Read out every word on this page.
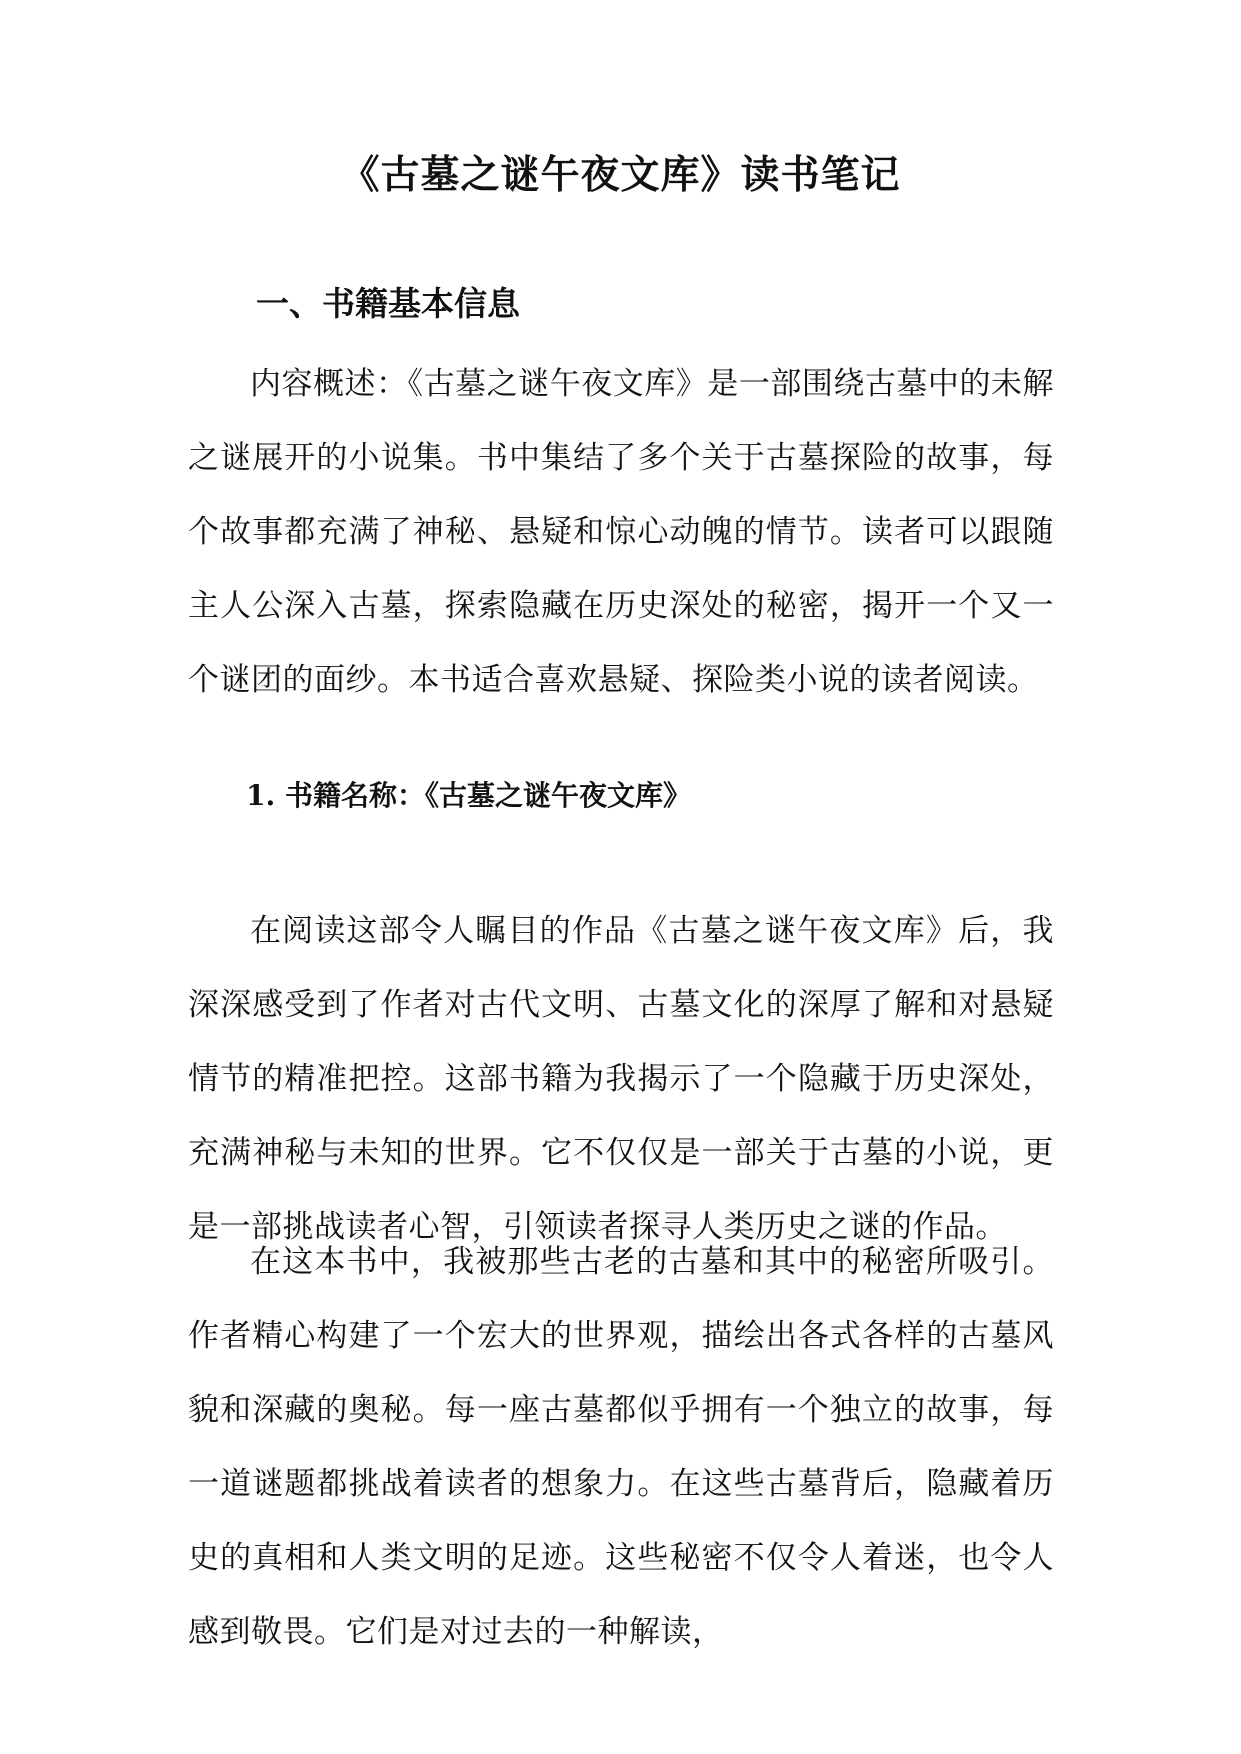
《古墓之谜午夜文库》读书笔记
一、书籍基本信息

内容概述：《古墓之谜午夜文库》是一部围绕古墓中的未解之谜展开的小说集。书中集结了多个关于古墓探险的故事，每个故事都充满了神秘、悬疑和惊心动魄的情节。读者可以跟随主人公深入古墓，探索隐藏在历史深处的秘密，揭开一个又一个谜团的面纱。本书适合喜欢悬疑、探险类小说的读者阅读。

1. 书籍名称：《古墓之谜午夜文库》

在阅读这部令人瞩目的作品《古墓之谜午夜文库》后，我深深感受到了作者对古代文明、古墓文化的深厚了解和对悬疑情节的精准把控。这部书籍为我揭示了一个隐藏于历史深处，充满神秘与未知的世界。它不仅仅是一部关于古墓的小说，更是一部挑战读者心智，引领读者探寻人类历史之谜的作品。

在这本书中，我被那些古老的古墓和其中的秘密所吸引。作者精心构建了一个宏大的世界观，描绘出各式各样的古墓风貌和深藏的奥秘。每一座古墓都似乎拥有一个独立的故事，每一道谜题都挑战着读者的想象力。在这些古墓背后，隐藏着历史的真相和人类文明的足迹。这些秘密不仅令人着迷，也令人感到敬畏。它们是对过去的一种解读，
